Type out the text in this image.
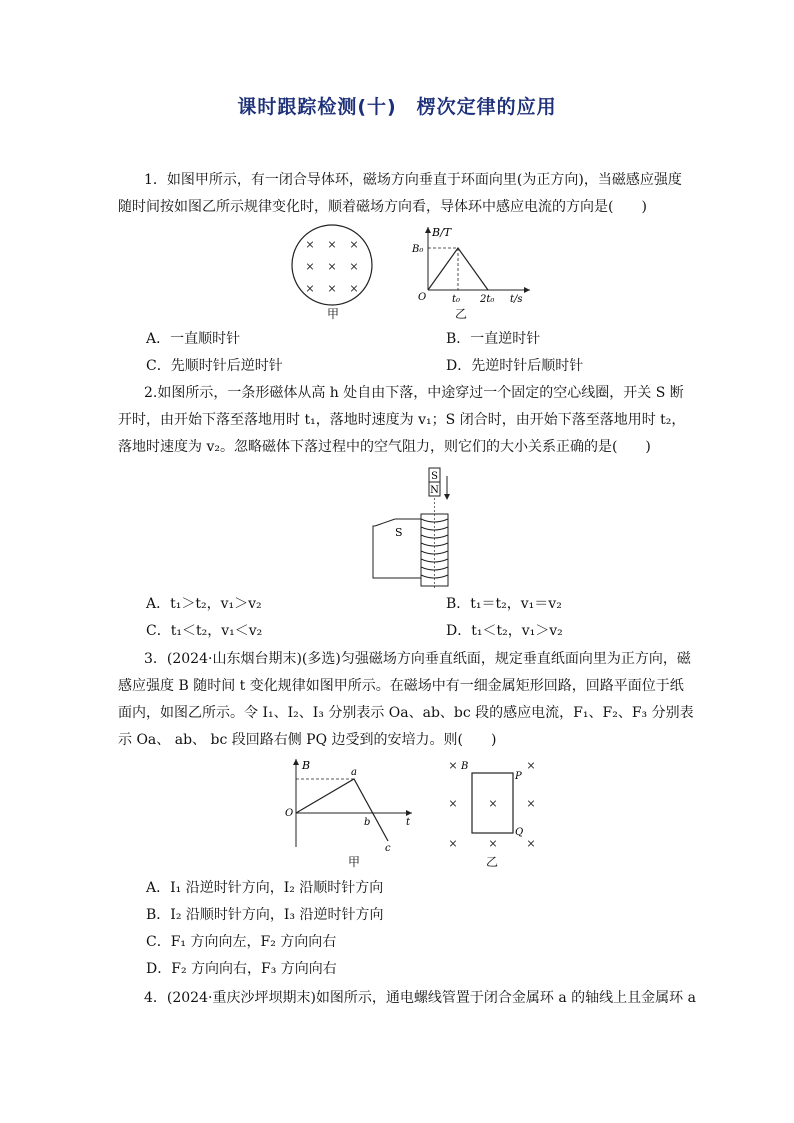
课时跟踪检测(十)　楞次定律的应用
1．如图甲所示，有一闭合导体环，磁场方向垂直于环面向里(为正方向)，当磁感应强度
随时间按如图乙所示规律变化时，顺着磁场方向看，导体环中感应电流的方向是(　　)
× × ×
× × ×
× × ×
甲
B/T
B₀
O	t₀ 2t₀ t/s
乙
A．一直顺时针	B．一直逆时针
C．先顺时针后逆时针	D．先逆时针后顺时针
2.如图所示，一条形磁体从高 h 处自由下落，中途穿过一个固定的空心线圈，开关 S 断
开时，由开始下落至落地用时 t₁，落地时速度为 v₁；S 闭合时，由开始下落至落地用时 t₂，
落地时速度为 v₂。忽略磁体下落过程中的空气阻力，则它们的大小关系正确的是(　　)
S
N
S
A．t₁＞t₂，v₁＞v₂	B．t₁＝t₂，v₁＝v₂
C．t₁＜t₂，v₁＜v₂	D．t₁＜t₂，v₁＞v₂
3．(2024·山东烟台期末)(多选)匀强磁场方向垂直纸面，规定垂直纸面向里为正方向，磁
感应强度 B 随时间 t 变化规律如图甲所示。在磁场中有一细金属矩形回路，回路平面位于纸
面内，如图乙所示。令 I₁、I₂、I₃ 分别表示 Oa、ab、bc 段的感应电流，F₁、F₂、F₃ 分别表
示 Oa、 ab、 bc 段回路右侧 PQ 边受到的安培力。则(　　)
B
O
a
b
c
t
甲
×	×
×	×	×
×	×	×
B
P
Q
乙
A．I₁ 沿逆时针方向，I₂ 沿顺时针方向
B．I₂ 沿顺时针方向，I₃ 沿逆时针方向
C．F₁ 方向向左，F₂ 方向向右
D．F₂ 方向向右，F₃ 方向向右
4．(2024·重庆沙坪坝期末)如图所示，通电螺线管置于闭合金属环 a 的轴线上且金属环 a
